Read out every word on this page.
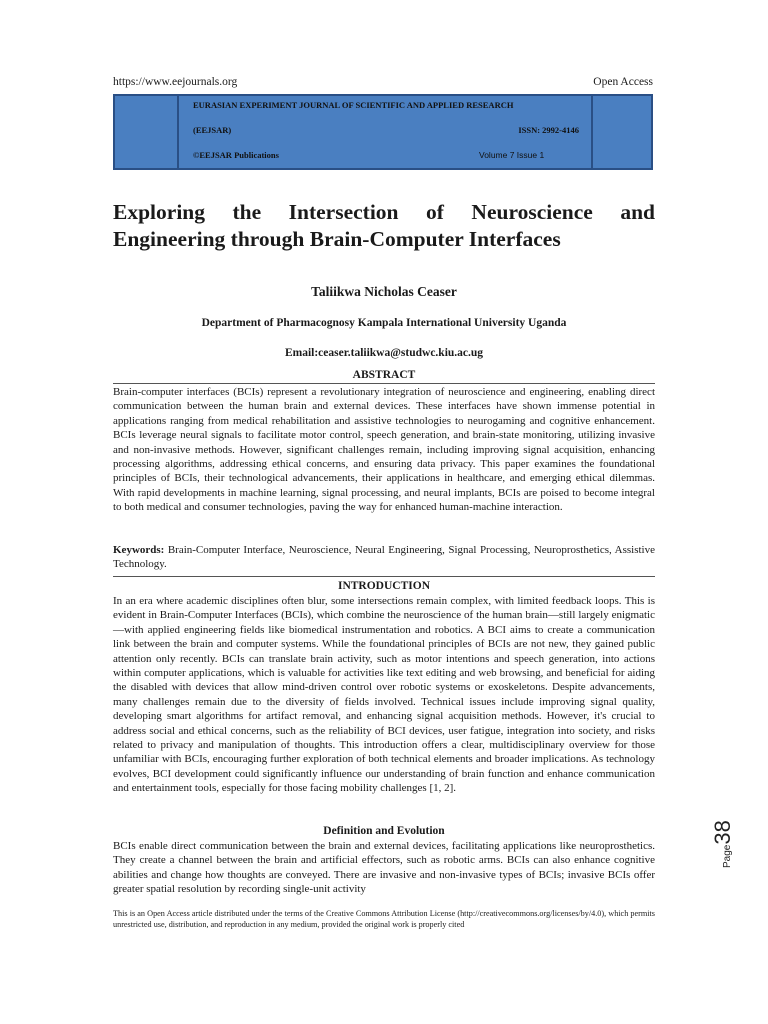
https://www.eejournals.org	Open Access
EURASIAN EXPERIMENT JOURNAL OF SCIENTIFIC AND APPLIED RESEARCH
(EEJSAR)	ISSN: 2992-4146
©EEJSAR Publications	Volume 7 Issue 1
Exploring the Intersection of Neuroscience and Engineering through Brain-Computer Interfaces
Taliikwa Nicholas Ceaser
Department of Pharmacognosy Kampala International University Uganda
Email:ceaser.taliikwa@studwc.kiu.ac.ug
ABSTRACT

Brain-computer interfaces (BCIs) represent a revolutionary integration of neuroscience and engineering, enabling direct communication between the human brain and external devices. These interfaces have shown immense potential in applications ranging from medical rehabilitation and assistive technologies to neurogaming and cognitive enhancement. BCIs leverage neural signals to facilitate motor control, speech generation, and brain-state monitoring, utilizing invasive and non-invasive methods. However, significant challenges remain, including improving signal acquisition, enhancing processing algorithms, addressing ethical concerns, and ensuring data privacy. This paper examines the foundational principles of BCIs, their technological advancements, their applications in healthcare, and emerging ethical dilemmas. With rapid developments in machine learning, signal processing, and neural implants, BCIs are poised to become integral to both medical and consumer technologies, paving the way for enhanced human-machine interaction.

Keywords: Brain-Computer Interface, Neuroscience, Neural Engineering, Signal Processing, Neuroprosthetics, Assistive Technology.

INTRODUCTION

In an era where academic disciplines often blur, some intersections remain complex, with limited feedback loops. This is evident in Brain-Computer Interfaces (BCIs), which combine the neuroscience of the human brain—still largely enigmatic—with applied engineering fields like biomedical instrumentation and robotics. A BCI aims to create a communication link between the brain and computer systems. While the foundational principles of BCIs are not new, they gained public attention only recently. BCIs can translate brain activity, such as motor intentions and speech generation, into actions within computer applications, which is valuable for activities like text editing and web browsing, and beneficial for aiding the disabled with devices that allow mind-driven control over robotic systems or exoskeletons. Despite advancements, many challenges remain due to the diversity of fields involved. Technical issues include improving signal quality, developing smart algorithms for artifact removal, and enhancing signal acquisition methods. However, it's crucial to address social and ethical concerns, such as the reliability of BCI devices, user fatigue, integration into society, and risks related to privacy and manipulation of thoughts. This introduction offers a clear, multidisciplinary overview for those unfamiliar with BCIs, encouraging further exploration of both technical elements and broader implications. As technology evolves, BCI development could significantly influence our understanding of brain function and enhance communication and entertainment tools, especially for those facing mobility challenges [1, 2].

Definition and Evolution

BCIs enable direct communication between the brain and external devices, facilitating applications like neuroprosthetics. They create a channel between the brain and artificial effectors, such as robotic arms. BCIs can also enhance cognitive abilities and change how thoughts are conveyed. There are invasive and non-invasive types of BCIs; invasive BCIs offer greater spatial resolution by recording single-unit activity

Page38

This is an Open Access article distributed under the terms of the Creative Commons Attribution License (http://creativecommons.org/licenses/by/4.0), which permits unrestricted use, distribution, and reproduction in any medium, provided the original work is properly cited
